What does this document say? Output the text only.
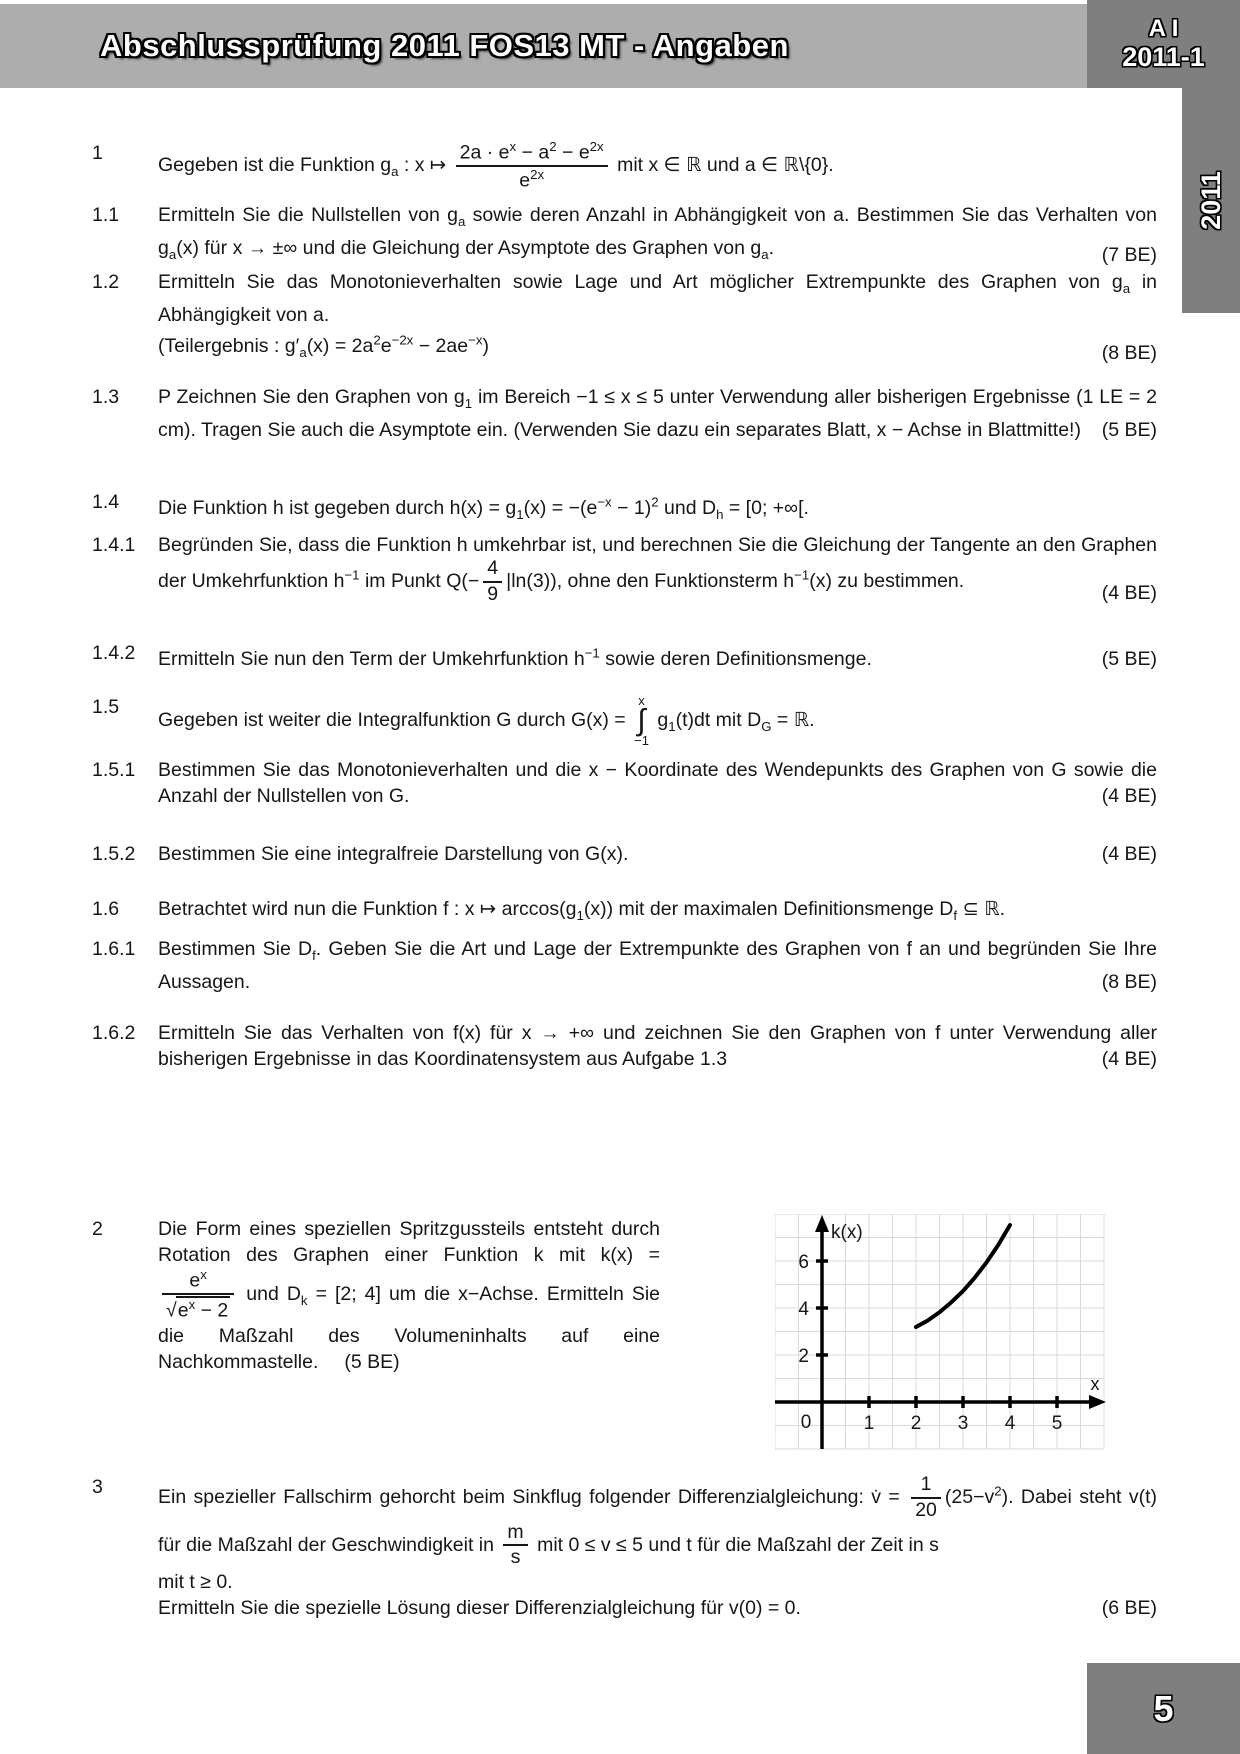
Abschlussprüfung 2011 FOS13 MT - Angaben	A I
2011-1
2011
1
Gegeben ist die Funktion $g_a$ : x ↦ $\frac{2a \cdot e^x - a^2 - e^{2x}}{e^{2x}}$ mit x ∈ ℝ und a ∈ ℝ\{0}.
1.1	Ermitteln Sie die Nullstellen von $g_a$ sowie deren Anzahl in Abhängigkeit von a. Bestimmen Sie das Verhalten von $g_a(x)$ für x → ±∞ und die Gleichung der Asymptote des Graphen von $g_a$.	(7 BE)
1.2	Ermitteln Sie das Monotonieverhalten sowie Lage und Art möglicher Extrempunkte des Graphen von $g_a$ in Abhängigkeit von a.
(Teilergebnis : $g'_a(x) = 2a^2e^{-2x} - 2ae^{-x}$)	(8 BE)
1.3	P Zeichnen Sie den Graphen von $g_1$ im Bereich −1 ≤ x ≤ 5 unter Verwendung aller bisherigen Ergebnisse (1 LE = 2 cm). Tragen Sie auch die Asymptote ein. (Verwenden Sie dazu ein separates Blatt, x − Achse in Blattmitte!) (5 BE)
1.4	Die Funktion h ist gegeben durch $h(x) = g_1(x) = -(e^{-x} - 1)^2$ und $D_h = [0$; +∞[.
1.4.1	Begründen Sie, dass die Funktion h umkehrbar ist, und berechnen Sie die Gleichung der Tangente an den Graphen der Umkehrfunktion $h^{-1}$ im Punkt $Q(- \frac{4}{9} |\ln(3))$, ohne den Funktionsterm $h^{-1}(x)$ zu bestimmen.
(4 BE)
1.4.2	Ermitteln Sie nun den Term der Umkehrfunktion $h^{-1}$ sowie deren Definitionsmenge.	(5 BE)
1.5
Gegeben ist weiter die Integralfunktion G durch G(x) =
x
∫
−1
$g_1(t)dt$ mit $D_G$ = ℝ.
1.5.1	Bestimmen Sie das Monotonieverhalten und die x − Koordinate des Wendepunkts des Graphen von G sowie die Anzahl der Nullstellen von G.	(4 BE)
1.5.2	Bestimmen Sie eine integralfreie Darstellung von G(x).	(4 BE)
1.6	Betrachtet wird nun die Funktion f : x ↦ $\arccos(g_1(x))$ mit der maximalen Definitionsmenge $D_f$ ⊆ ℝ.
1.6.1	Bestimmen Sie $D_f$. Geben Sie die Art und Lage der Extrempunkte des Graphen von f an und begründen Sie Ihre Aussagen.	(8 BE)
1.6.2	Ermitteln Sie das Verhalten von f(x) für x → +∞ und zeichnen Sie den Graphen von f unter Verwendung aller bisherigen Ergebnisse in das Koordinatensystem aus Aufgabe 1.3	(4 BE)
2	Die Form eines speziellen Spritzgussteils entsteht durch Rotation des Graphen einer Funktion k mit k(x) =
$\frac{e^x}{√e^x - 2}$ und $D_k = [2$; 4] um die x−Achse. Ermitteln Sie die Maßzahl des Volumeninhalts auf eine Nachkommastelle. (5 BE)
3	Ein spezieller Fallschirm gehorcht beim Sinkflug folgender Differenzialgleichung: v̇ = $\frac{1}{20} (25-v^2)$. Dabei steht v(t) für die Maßzahl der Geschwindigkeit in $\frac{m}{s}$ mit 0 ≤ v ≤ 5 und t für die Maßzahl der Zeit in s
mit t ≥ 0.
Ermitteln Sie die spezielle Lösung dieser Differenzialgleichung für v(0) = 0.	(6 BE)
1 2 3 4 5
2
4
6
0
k(x)
x
5
